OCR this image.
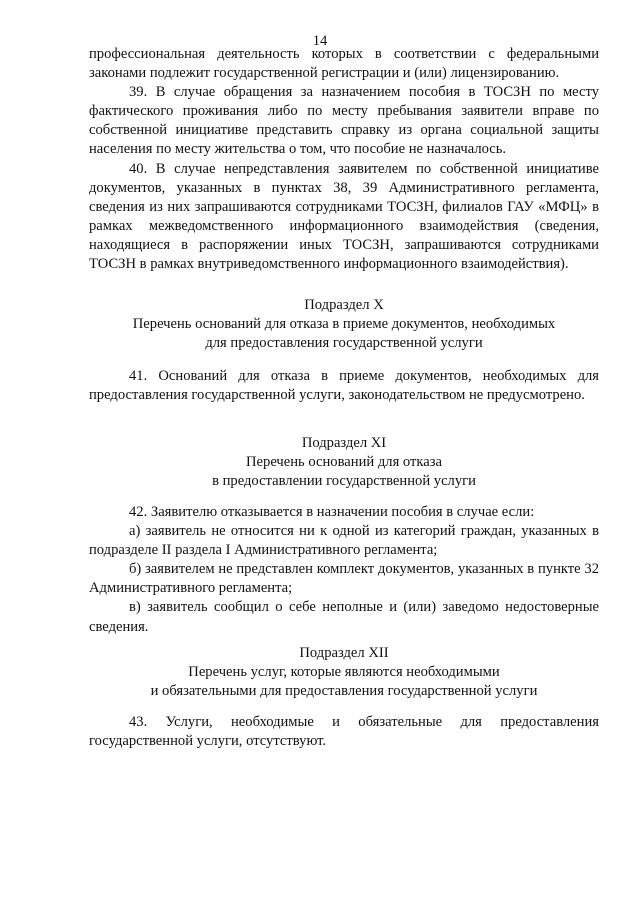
14

профессиональная деятельность которых в соответствии с федеральными законами подлежит государственной регистрации и (или) лицензированию.

39. В случае обращения за назначением пособия в ТОСЗН по месту фактического проживания либо по месту пребывания заявители вправе по собственной инициативе представить справку из органа социальной защиты населения по месту жительства о том, что пособие не назначалось.

40. В случае непредставления заявителем по собственной инициативе документов, указанных в пунктах 38, 39 Административного регламента, сведения из них запрашиваются сотрудниками ТОСЗН, филиалов ГАУ «МФЦ» в рамках межведомственного информационного взаимодействия (сведения, находящиеся в распоряжении иных ТОСЗН, запрашиваются сотрудниками ТОСЗН в рамках внутриведомственного информационного взаимодействия).

Подраздел X
Перечень оснований для отказа в приеме документов, необходимых
для предоставления государственной услуги

41. Оснований для отказа в приеме документов, необходимых для предоставления государственной услуги, законодательством не предусмотрено.

Подраздел XI
Перечень оснований для отказа
в предоставлении государственной услуги

42. Заявителю отказывается в назначении пособия в случае если:

а) заявитель не относится ни к одной из категорий граждан, указанных в подразделе II раздела I Административного регламента;

б) заявителем не представлен комплект документов, указанных в пункте 32 Административного регламента;

в) заявитель сообщил о себе неполные и (или) заведомо недостоверные сведения.

Подраздел XII
Перечень услуг, которые являются необходимыми
и обязательными для предоставления государственной услуги

43. Услуги, необходимые и обязательные для предоставления государственной услуги, отсутствуют.
